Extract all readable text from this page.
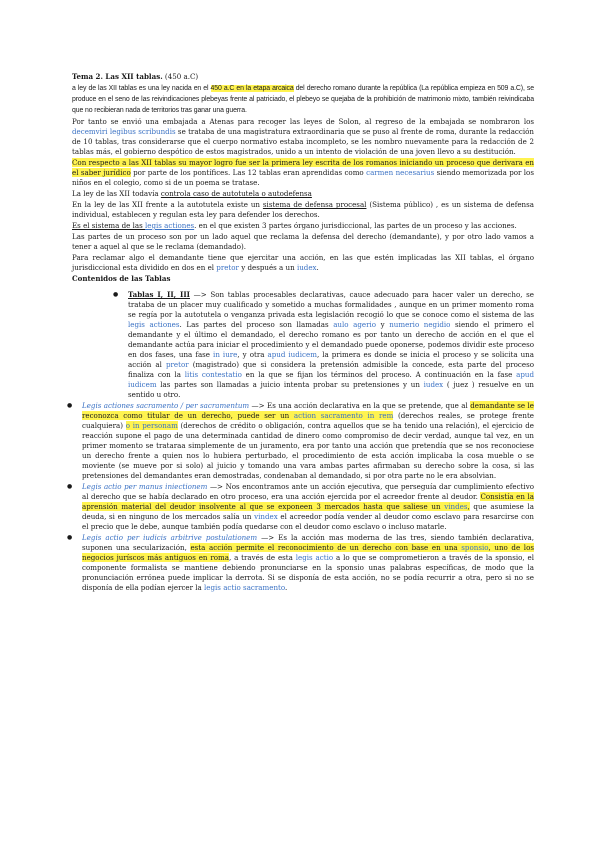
Tema 2. Las XII tablas. (450 a.C)

a ley de las XII tablas es una ley nacida en el 450 a.C en la etapa arcaica del derecho romano durante la república (La república empieza en 509 a.C), se produce en el seno de las reivindicaciones plebeyas frente al patriciado, el plebeyo se quejaba de la prohibición de matrimonio mixto, también reivindicaba que no recibieran nada de territorios tras ganar una guerra.

Por tanto se envió una embajada a Atenas para recoger las leyes de Solon, al regreso de la embajada se nombraron los decemviri legibus scribundis se trataba de una magistratura extraordinaria que se puso al frente de roma, durante la redacción de 10 tablas, tras considerarse que el cuerpo normativo estaba incompleto, se les nombro nuevamente para la redacción de 2 tablas más, el gobierno despótico de estos magistrados, unido a un intento de violación de una joven llevo a su destitución.

Con respecto a las XII tablas su mayor logro fue ser la primera ley escrita de los romanos iniciando un proceso que derivara en el saber jurídico por parte de los pontífices. Las 12 tablas eran aprendidas como carmen necesarius siendo memorizada por los niños en el colegio, como si de un poema se tratase.

La ley de las XII todavía controla caso de autotutela o autodefensa

En la ley de las XII frente a la autotutela existe un sistema de defensa procesal (Sistema público) , es un sistema de defensa individual, establecen y regulan esta ley para defender los derechos.

Es el sistema de las legis actiones. en el que existen 3 partes órgano jurisdiccional, las partes de un proceso y las acciones.

Las partes de un proceso son por un lado aquel que reclama la defensa del derecho (demandante), y por otro lado vamos a tener a aquel al que se le reclama (demandado).

Para reclamar algo el demandante tiene que ejercitar una acción, en las que estén implicadas las XII tablas, el órgano jurisdiccional esta dividido en dos en el pretor y después a un iudex.

Contenidos de las Tablas

● Tablas I, II, III —> Son tablas procesables declarativas, cauce adecuado para hacer valer un derecho, se trataba de un placer muy cualificado y sometido a muchas formalidades , aunque en un primer momento roma se regía por la autotutela o venganza privada esta legislación recogió lo que se conoce como el sistema de las legis actiones. Las partes del proceso son llamadas aulo agerio y numerio negidio siendo el primero el demandante y el último el demandado, el derecho romano es por tanto un derecho de acción en el que el demandante actúa para iniciar el procedimiento y el demandado puede oponerse, podemos dividir este proceso en dos fases, una fase in iure, y otra apud iudicem, la primera es donde se inicia el proceso y se solicita una acción al pretor (magistrado) que si considera la pretensión admisible la concede, esta parte del proceso finaliza con la litis contestatio en la que se fijan los términos del proceso. A continuación en la fase apud iudicem las partes son llamadas a juicio intenta probar su pretensiones y un iudex ( juez ) resuelve en un sentido u otro.

● Legis actiones sacramento / per sacramentum —> Es una acción declarativa en la que se pretende, que al demandante se le reconozca como titular de un derecho, puede ser un action sacramento in rem (derechos reales, se protege frente cualquiera) o in personam (derechos de crédito o obligación, contra aquellos que se ha tenido una relación), el ejercicio de reacción supone el pago de una determinada cantidad de dinero como compromiso de decir verdad, aunque tal vez, en un primer momento se trataraa simplemente de un juramento, era por tanto una acción que pretendía que se nos reconociese un derecho frente a quien nos lo hubiera perturbado, el procedimiento de esta acción implicaba la cosa mueble o se moviente (se mueve por si solo) al juicio y tomando una vara ambas partes afirmaban su derecho sobre la cosa, si las pretensiones del demandantes eran demostradas, condenaban al demandado, si por otra parte no le era absolvian.

● Legis actio per manus iniectionem —> Nos encontramos ante un acción ejecutiva, que perseguía dar cumplimiento efectivo al derecho que se había declarado en otro proceso, era una acción ejercida por el acreedor frente al deudor. Consistía en la aprensión material del deudor insolvente al que se exponeen 3 mercados hasta que saliese un vindes, que asumiese la deuda, si en ninguno de los mercados salía un vindex el acreedor podía vender al deudor como esclavo para resarcirse con el precio que le debe, aunque también podía quedarse con el deudor como esclavo o incluso matarle.

● Legis actio per iudicis arbitrive postulationem —> Es la acción mas moderna de las tres, siendo también declarativa, suponen una secularización, esta acción permite el reconocimiento de un derecho con base en una sponsio, uno de los negocios juríscos más antiguos en roma, a través de esta legis actio a lo que se comprometieron a través de la sponsio, el componente formalista se mantiene debiendo pronunciarse en la sponsio unas palabras específicas, de modo que la pronunciación errónea puede implicar la derrota. Si se disponía de esta acción, no se podía recurrir a otra, pero si no se disponía de ella podían ejercer la legis actio sacramento.
